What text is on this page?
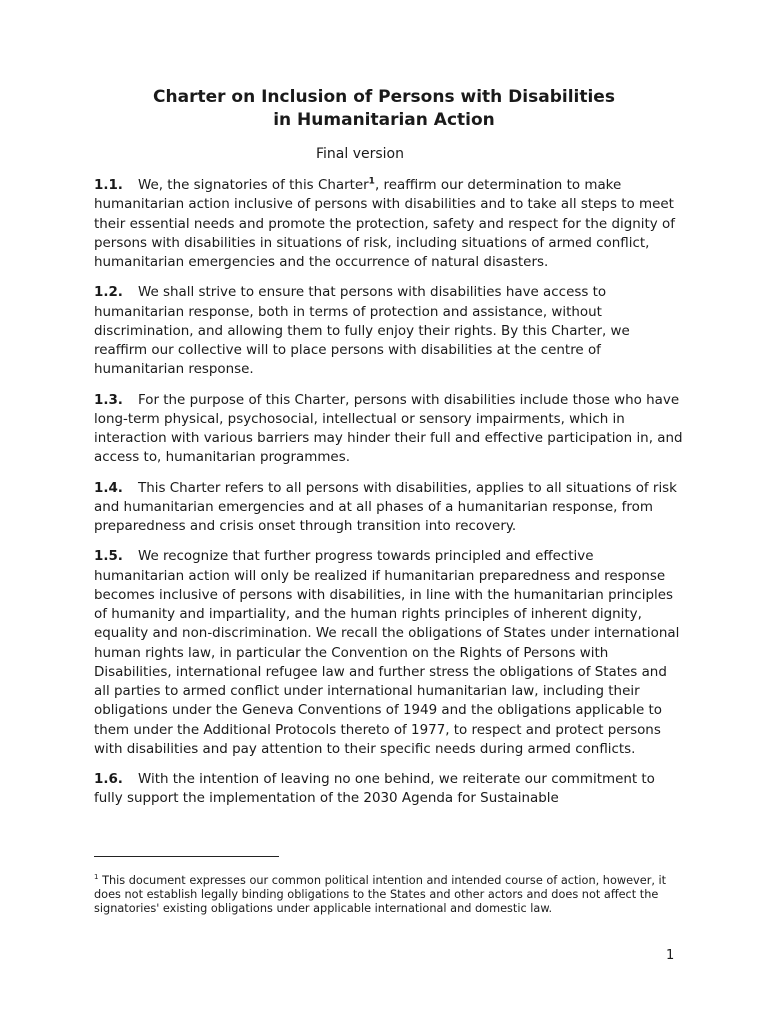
Charter on Inclusion of Persons with Disabilities
in Humanitarian Action
Final version

1.1. We, the signatories of this Charter$^1$, reaffirm our determination to make humanitarian action inclusive of persons with disabilities and to take all steps to meet their essential needs and promote the protection, safety and respect for the dignity of persons with disabilities in situations of risk, including situations of armed conflict, humanitarian emergencies and the occurrence of natural disasters.

1.2. We shall strive to ensure that persons with disabilities have access to humanitarian response, both in terms of protection and assistance, without discrimination, and allowing them to fully enjoy their rights. By this Charter, we reaffirm our collective will to place persons with disabilities at the centre of humanitarian response.

1.3. For the purpose of this Charter, persons with disabilities include those who have long-term physical, psychosocial, intellectual or sensory impairments, which in interaction with various barriers may hinder their full and effective participation in, and access to, humanitarian programmes.

1.4. This Charter refers to all persons with disabilities, applies to all situations of risk and humanitarian emergencies and at all phases of a humanitarian response, from preparedness and crisis onset through transition into recovery.

1.5. We recognize that further progress towards principled and effective humanitarian action will only be realized if humanitarian preparedness and response becomes inclusive of persons with disabilities, in line with the humanitarian principles of humanity and impartiality, and the human rights principles of inherent dignity, equality and non-discrimination. We recall the obligations of States under international human rights law, in particular the Convention on the Rights of Persons with Disabilities, international refugee law and further stress the obligations of States and all parties to armed conflict under international humanitarian law, including their obligations under the Geneva Conventions of 1949 and the obligations applicable to them under the Additional Protocols thereto of 1977, to respect and protect persons with disabilities and pay attention to their specific needs during armed conflicts.

1.6. With the intention of leaving no one behind, we reiterate our commitment to fully support the implementation of the 2030 Agenda for Sustainable

$^1$ This document expresses our common political intention and intended course of action, however, it does not establish legally binding obligations to the States and other actors and does not affect the signatories' existing obligations under applicable international and domestic law.
1
